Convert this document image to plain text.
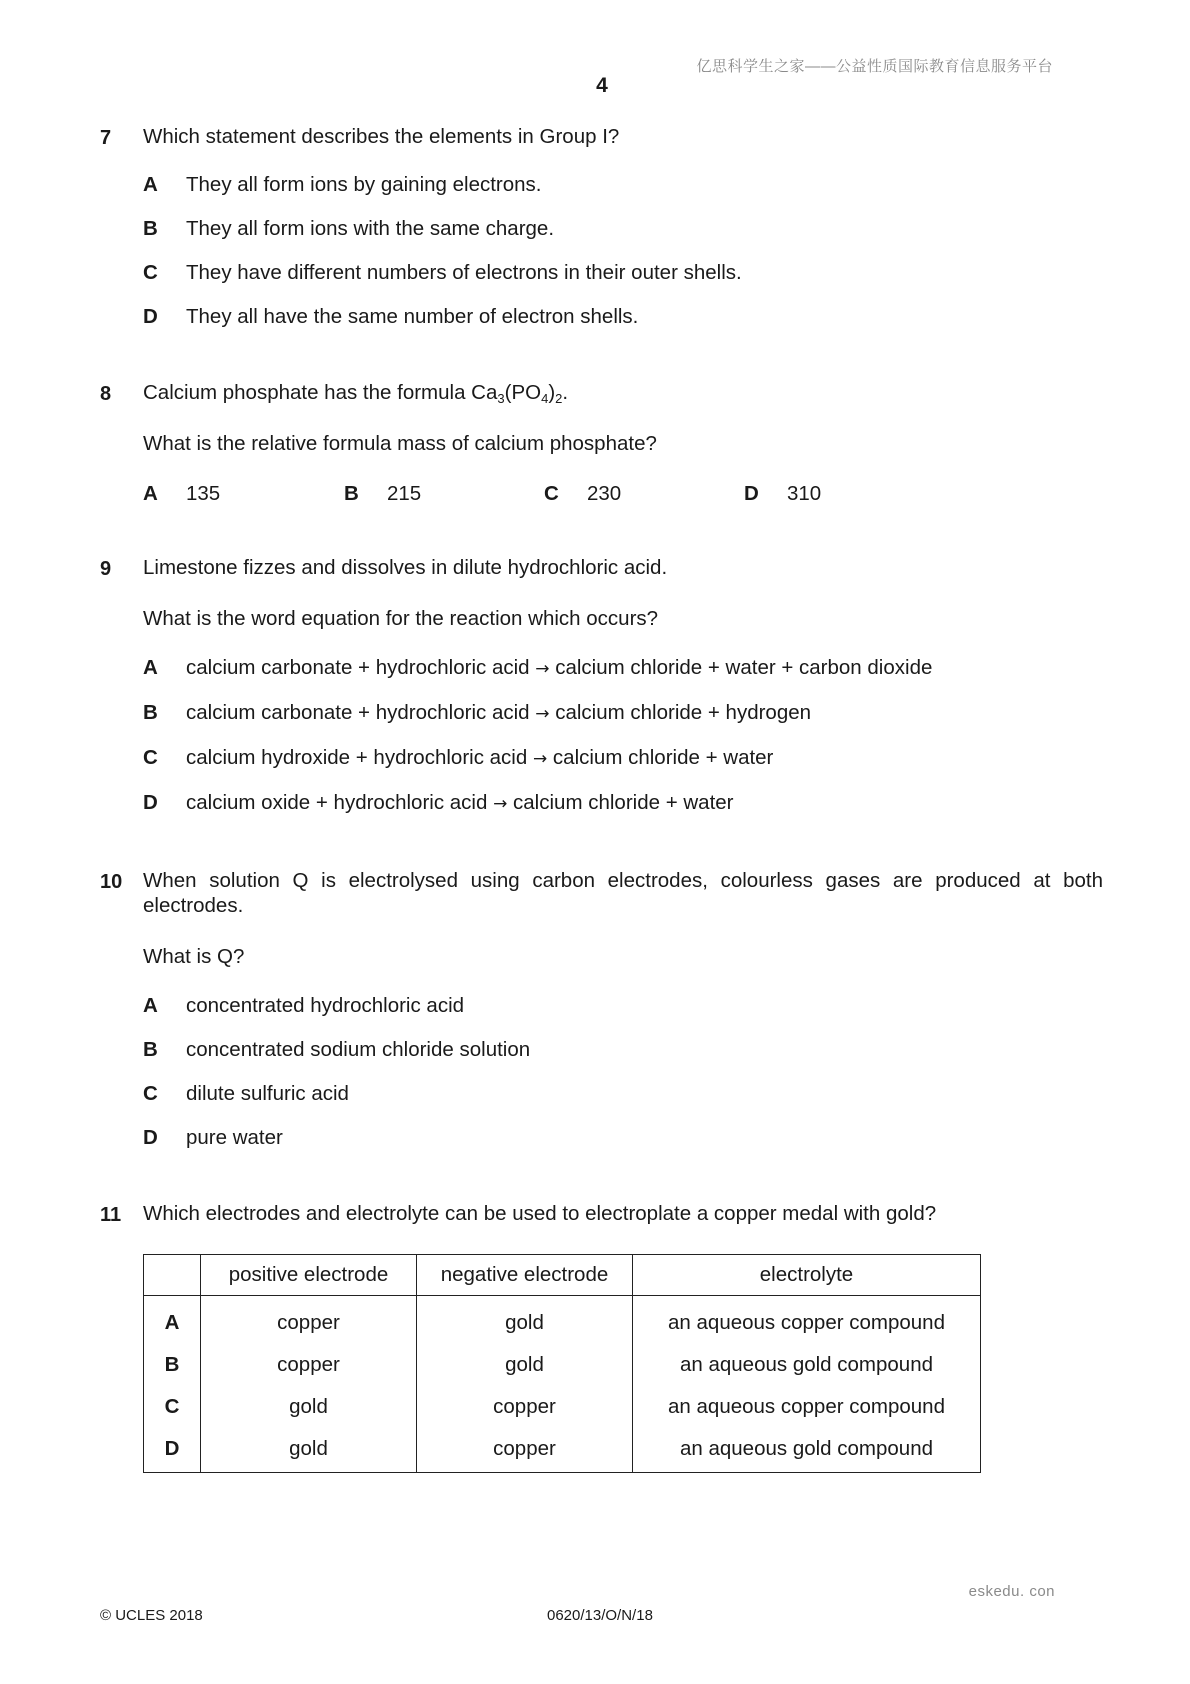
亿思科学生之家——公益性质国际教育信息服务平台
4
7 Which statement describes the elements in Group I?
A They all form ions by gaining electrons.
B They all form ions with the same charge.
C They have different numbers of electrons in their outer shells.
D They all have the same number of electron shells.
8 Calcium phosphate has the formula $Ca_3(PO_4)_2$.
What is the relative formula mass of calcium phosphate?
A 135	B 215	C 230	D 310
9 Limestone fizzes and dissolves in dilute hydrochloric acid.
What is the word equation for the reaction which occurs?
A calcium carbonate + hydrochloric acid → calcium chloride + water + carbon dioxide
B calcium carbonate + hydrochloric acid → calcium chloride + hydrogen
C calcium hydroxide + hydrochloric acid → calcium chloride + water
D calcium oxide + hydrochloric acid → calcium chloride + water
10 When solution Q is electrolysed using carbon electrodes, colourless gases are produced at both
electrodes.
What is Q?
A concentrated hydrochloric acid
B concentrated sodium chloride solution
C dilute sulfuric acid
D pure water
11 Which electrodes and electrolyte can be used to electroplate a copper medal with gold?
	positive electrode	negative electrode	electrolyte
A	copper	gold	an aqueous copper compound
B	copper	gold	an aqueous gold compound
C	gold	copper	an aqueous copper compound
D	gold	copper	an aqueous gold compound
eskedu. con
© UCLES 2018	0620/13/O/N/18
